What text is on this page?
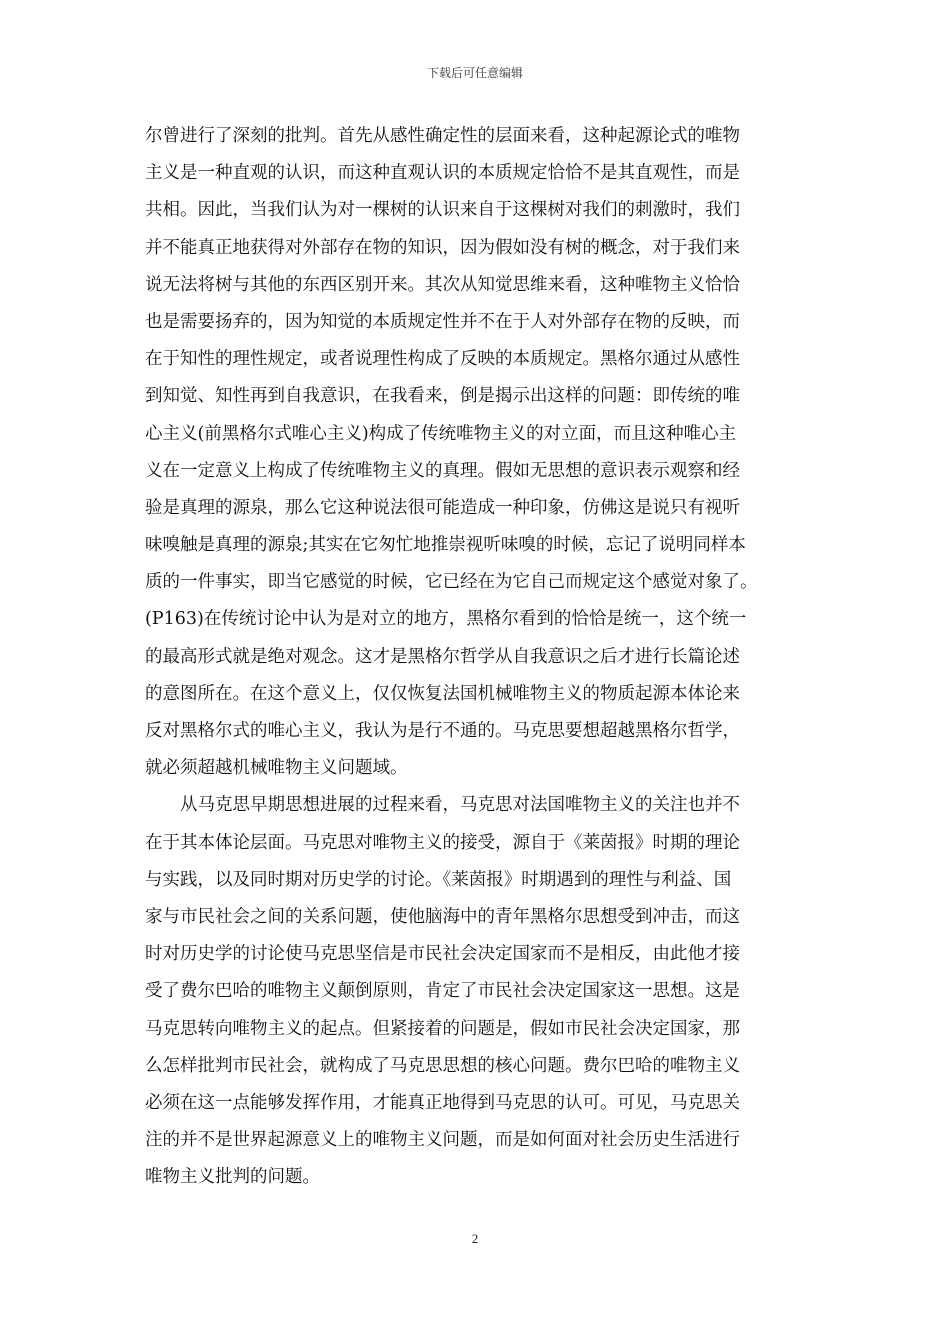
下载后可任意编辑
尔曾进行了深刻的批判。首先从感性确定性的层面来看，这种起源论式的唯物
主义是一种直观的认识，而这种直观认识的本质规定恰恰不是其直观性，而是
共相。因此，当我们认为对一棵树的认识来自于这棵树对我们的刺激时，我们
并不能真正地获得对外部存在物的知识，因为假如没有树的概念，对于我们来
说无法将树与其他的东西区别开来。其次从知觉思维来看，这种唯物主义恰恰
也是需要扬弃的，因为知觉的本质规定性并不在于人对外部存在物的反映，而
在于知性的理性规定，或者说理性构成了反映的本质规定。黑格尔通过从感性
到知觉、知性再到自我意识，在我看来，倒是揭示出这样的问题：即传统的唯
心主义(前黑格尔式唯心主义)构成了传统唯物主义的对立面，而且这种唯心主
义在一定意义上构成了传统唯物主义的真理。假如无思想的意识表示观察和经
验是真理的源泉，那么它这种说法很可能造成一种印象，仿佛这是说只有视听
味嗅触是真理的源泉;其实在它匆忙地推崇视听味嗅的时候，忘记了说明同样本
质的一件事实，即当它感觉的时候，它已经在为它自己而规定这个感觉对象了。
(P163)在传统讨论中认为是对立的地方，黑格尔看到的恰恰是统一，这个统一
的最高形式就是绝对观念。这才是黑格尔哲学从自我意识之后才进行长篇论述
的意图所在。在这个意义上，仅仅恢复法国机械唯物主义的物质起源本体论来
反对黑格尔式的唯心主义，我认为是行不通的。马克思要想超越黑格尔哲学，
就必须超越机械唯物主义问题域。
　　从马克思早期思想进展的过程来看，马克思对法国唯物主义的关注也并不
在于其本体论层面。马克思对唯物主义的接受，源自于《莱茵报》时期的理论
与实践，以及同时期对历史学的讨论。《莱茵报》时期遇到的理性与利益、国
家与市民社会之间的关系问题，使他脑海中的青年黑格尔思想受到冲击，而这
时对历史学的讨论使马克思坚信是市民社会决定国家而不是相反，由此他才接
受了费尔巴哈的唯物主义颠倒原则，肯定了市民社会决定国家这一思想。这是
马克思转向唯物主义的起点。但紧接着的问题是，假如市民社会决定国家，那
么怎样批判市民社会，就构成了马克思思想的核心问题。费尔巴哈的唯物主义
必须在这一点能够发挥作用，才能真正地得到马克思的认可。可见，马克思关
注的并不是世界起源意义上的唯物主义问题，而是如何面对社会历史生活进行
唯物主义批判的问题。
2
